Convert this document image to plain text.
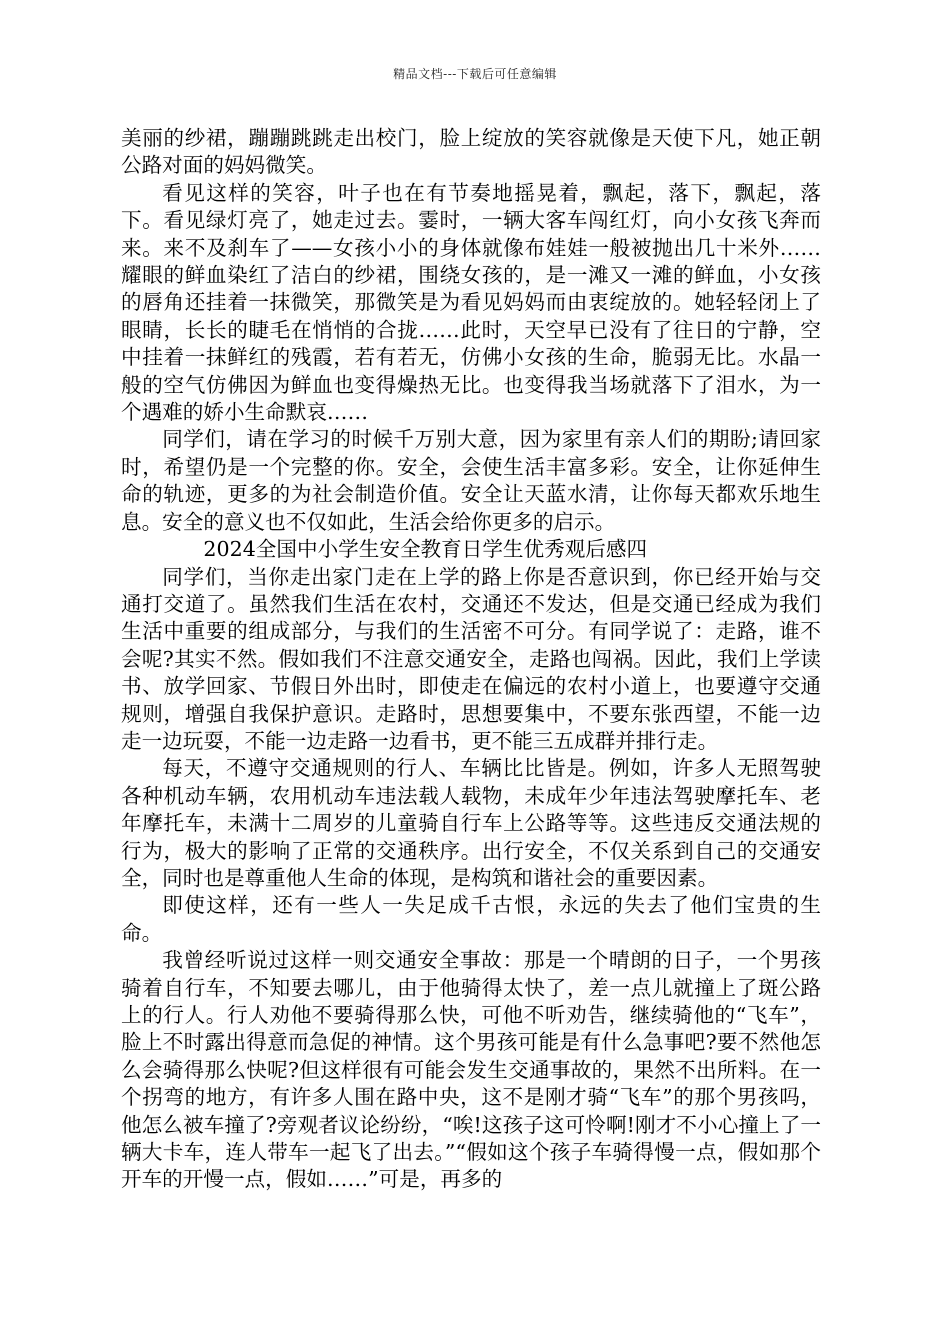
精品文档---下载后可任意编辑

美丽的纱裙，蹦蹦跳跳走出校门，脸上绽放的笑容就像是天使下凡，她正朝公路对面的妈妈微笑。

看见这样的笑容，叶子也在有节奏地摇晃着，飘起，落下，飘起，落下。看见绿灯亮了，她走过去。霎时，一辆大客车闯红灯，向小女孩飞奔而来。来不及刹车了——女孩小小的身体就像布娃娃一般被抛出几十米外……耀眼的鲜血染红了洁白的纱裙，围绕女孩的，是一滩又一滩的鲜血，小女孩的唇角还挂着一抹微笑，那微笑是为看见妈妈而由衷绽放的。她轻轻闭上了眼睛，长长的睫毛在悄悄的合拢……此时，天空早已没有了往日的宁静，空中挂着一抹鲜红的残霞，若有若无，仿佛小女孩的生命，脆弱无比。水晶一般的空气仿佛因为鲜血也变得燥热无比。也变得我当场就落下了泪水，为一个遇难的娇小生命默哀……

同学们，请在学习的时候千万别大意，因为家里有亲人们的期盼;请回家时，希望仍是一个完整的你。安全，会使生活丰富多彩。安全，让你延伸生命的轨迹，更多的为社会制造价值。安全让天蓝水清，让你每天都欢乐地生息。安全的意义也不仅如此，生活会给你更多的启示。

2024全国中小学生安全教育日学生优秀观后感四

同学们，当你走出家门走在上学的路上你是否意识到，你已经开始与交通打交道了。虽然我们生活在农村，交通还不发达，但是交通已经成为我们生活中重要的组成部分，与我们的生活密不可分。有同学说了：走路，谁不会呢?其实不然。假如我们不注意交通安全，走路也闯祸。因此，我们上学读书、放学回家、节假日外出时，即使走在偏远的农村小道上，也要遵守交通规则，增强自我保护意识。走路时，思想要集中，不要东张西望，不能一边走一边玩耍，不能一边走路一边看书，更不能三五成群并排行走。

每天，不遵守交通规则的行人、车辆比比皆是。例如，许多人无照驾驶各种机动车辆，农用机动车违法载人载物，未成年少年违法驾驶摩托车、老年摩托车，未满十二周岁的儿童骑自行车上公路等等。这些违反交通法规的行为，极大的影响了正常的交通秩序。出行安全，不仅关系到自己的交通安全，同时也是尊重他人生命的体现，是构筑和谐社会的重要因素。

即使这样，还有一些人一失足成千古恨，永远的失去了他们宝贵的生命。

我曾经听说过这样一则交通安全事故：那是一个晴朗的日子，一个男孩骑着自行车，不知要去哪儿，由于他骑得太快了，差一点儿就撞上了斑公路上的行人。行人劝他不要骑得那么快，可他不听劝告，继续骑他的“飞车”，脸上不时露出得意而急促的神情。这个男孩可能是有什么急事吧?要不然他怎么会骑得那么快呢?但这样很有可能会发生交通事故的，果然不出所料。在一个拐弯的地方，有许多人围在路中央，这不是刚才骑“飞车”的那个男孩吗，他怎么被车撞了?旁观者议论纷纷，“唉!这孩子这可怜啊!刚才不小心撞上了一辆大卡车，连人带车一起飞了出去。”“假如这个孩子车骑得慢一点，假如那个开车的开慢一点，假如……”可是，再多的
